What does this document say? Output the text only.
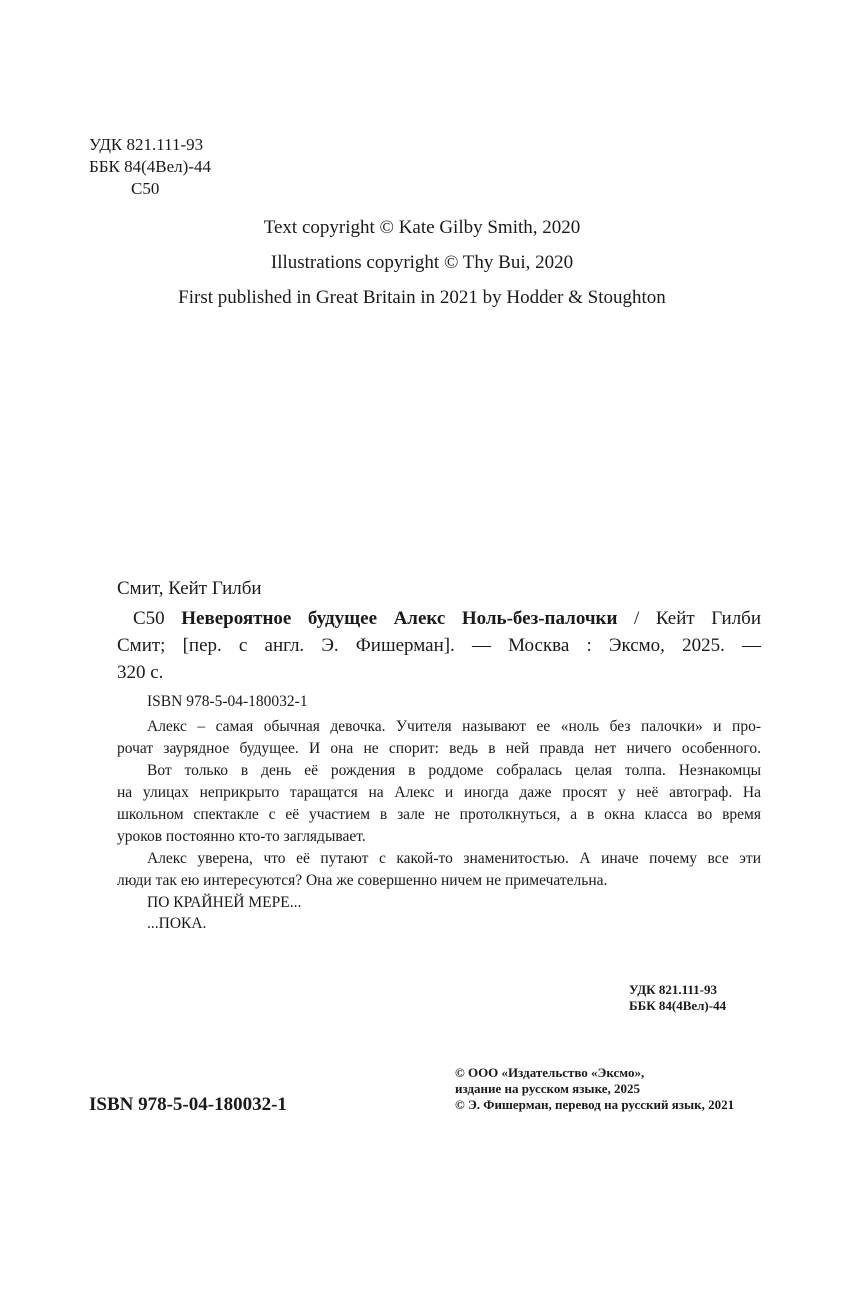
УДК 821.111-93
ББК 84(4Вел)-44
С50
Text copyright © Kate Gilby Smith, 2020
Illustrations copyright © Thy Bui, 2020
First published in Great Britain in 2021 by Hodder & Stoughton
Смит, Кейт Гилби
С50 Невероятное будущее Алекс Ноль-без-палочки / Кейт Гилби
Смит; [пер. с англ. Э. Фишерман]. — Москва : Эксмо, 2025. —
320 с.
ISBN 978-5-04-180032-1
Алекс – самая обычная девочка. Учителя называют ее «ноль без палочки» и про-
рочат заурядное будущее. И она не спорит: ведь в ней правда нет ничего особенного.
Вот только в день её рождения в роддоме собралась целая толпа. Незнакомцы
на улицах неприкрыто таращатся на Алекс и иногда даже просят у неё автограф. На
школьном спектакле с её участием в зале не протолкнуться, а в окна класса во время
уроков постоянно кто-то заглядывает.
Алекс уверена, что её путают с какой-то знаменитостью. А иначе почему все эти
люди так ею интересуются? Она же совершенно ничем не примечательна.
ПО КРАЙНЕЙ МЕРЕ...
...ПОКА.
УДК 821.111-93
ББК 84(4Вел)-44
ISBN 978-5-04-180032-1
© ООО «Издательство «Эксмо»,
издание на русском языке, 2025
© Э. Фишерман, перевод на русский язык, 2021
